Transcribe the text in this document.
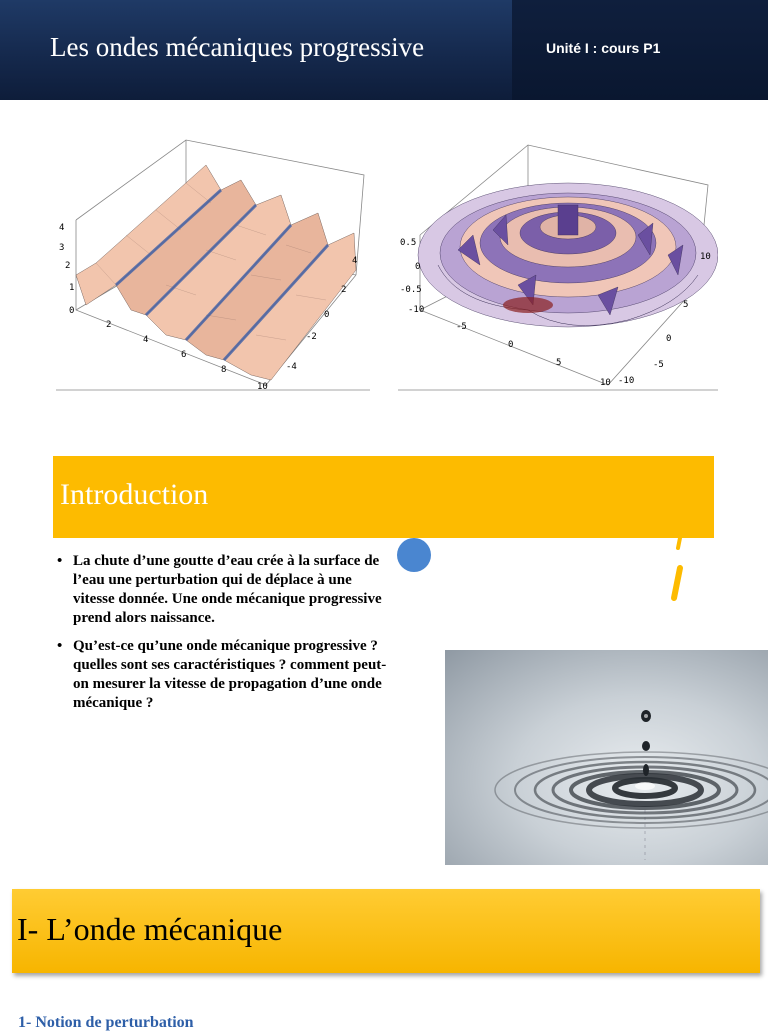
Les ondes mécaniques progressive	Unité I : cours P1
4
3
2
1
0
2
4
6
8
10
4
2
0
-2
-4
0.5
0
-0.5
-10
-5
0
5
10
10
5
0
-5
-10
Introduction
• La chute d’une goutte d’eau crée à la surface de l’eau une perturbation qui de déplace à une vitesse donnée. Une onde mécanique progressive prend alors naissance.
• Qu’est-ce qu’une onde mécanique progressive ? quelles sont ses caractéristiques ? comment peut-on mesurer la vitesse de propagation d’une onde mécanique ?
I- L’onde mécanique
1- Notion de perturbation
